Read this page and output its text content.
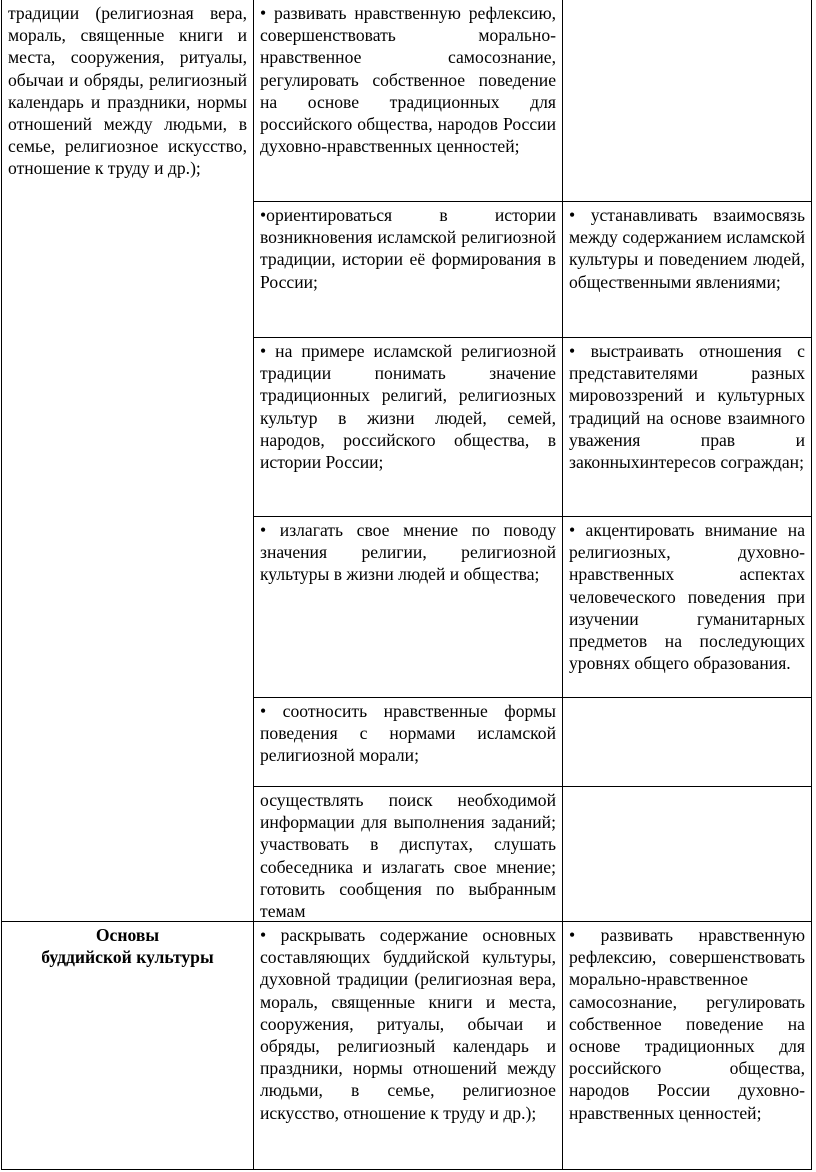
традиции (религиозная вера, мораль, священные книги и места, сооружения, ритуалы, обычаи и обряды, религиозный календарь и праздники, нормы отношений между людьми, в семье, религиозное искусство, отношение к труду и др.);

• развивать нравственную рефлексию, совершенствовать морально-нравственное самосознание, регулировать собственное поведение на основе традиционных для российского общества, народов России духовно-нравственных ценностей;

•ориентироваться в истории возникновения исламской религиозной традиции, истории её формирования в России;

• устанавливать взаимосвязь между содержанием исламской культуры и поведением людей, общественными явлениями;

• на примере исламской религиозной традиции понимать значение традиционных религий, религиозных культур в жизни людей, семей, народов, российского общества, в истории России;

• выстраивать отношения с представителями разных мировоззрений и культурных традиций на основе взаимного уважения прав и законныхинтересов сограждан;

• излагать свое мнение по поводу значения религии, религиозной культуры в жизни людей и общества;

• акцентировать внимание на религиозных, духовно-нравственных аспектах человеческого поведения при изучении гуманитарных предметов на последующих уровнях общего образования.

• соотносить нравственные формы поведения с нормами исламской религиозной морали;

осуществлять поиск необходимой информации для выполнения заданий; участвовать в диспутах, слушать собеседника и излагать свое мнение; готовить сообщения по выбранным темам

Основы

буддийской культуры

• раскрывать содержание основных составляющих буддийской культуры, духовной традиции (религиозная вера, мораль, священные книги и места, сооружения, ритуалы, обычаи и обряды, религиозный календарь и праздники, нормы отношений между людьми, в семье, религиозное искусство, отношение к труду и др.);

• развивать нравственную рефлексию, совершенствовать морально-нравственное самосознание, регулировать собственное поведение на основе традиционных для российского общества, народов России духовно-нравственных ценностей;
